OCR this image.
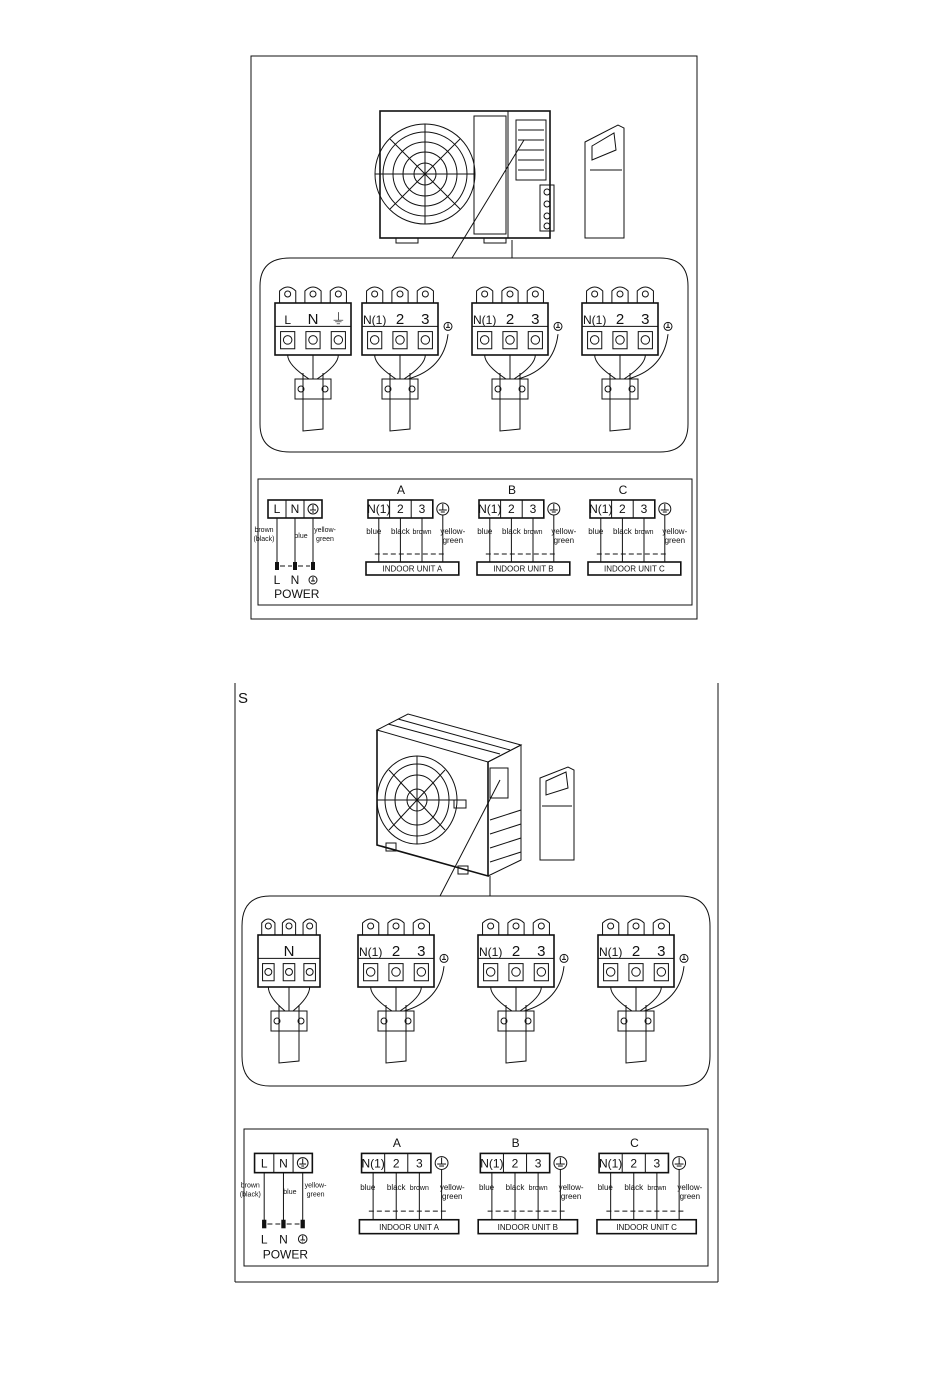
L N ⏚ N(1) 2 3	N(1) 2 3	N(1) 2 3
L N
brown (black)	blue
yellow-green
L N
POWER
A
N(1) 2 3
blue black brown yellow-green
INDOOR UNIT A
B
N(1) 2 3
blue black brown yellow-green
INDOOR UNIT B
C
N(1) 2 3
blue black brown yellow-green
INDOOR UNIT C
S
N	N(1) 2 3	N(1) 2 3	N(1) 2 3
L N
brown (black)	blue
yellow-green
L N
POWER
A
N(1) 2 3
blue black brown yellow-green
INDOOR UNIT A
B
N(1) 2 3
blue black brown yellow-green
INDOOR UNIT B
C
N(1) 2 3
blue black brown yellow-green
INDOOR UNIT C
